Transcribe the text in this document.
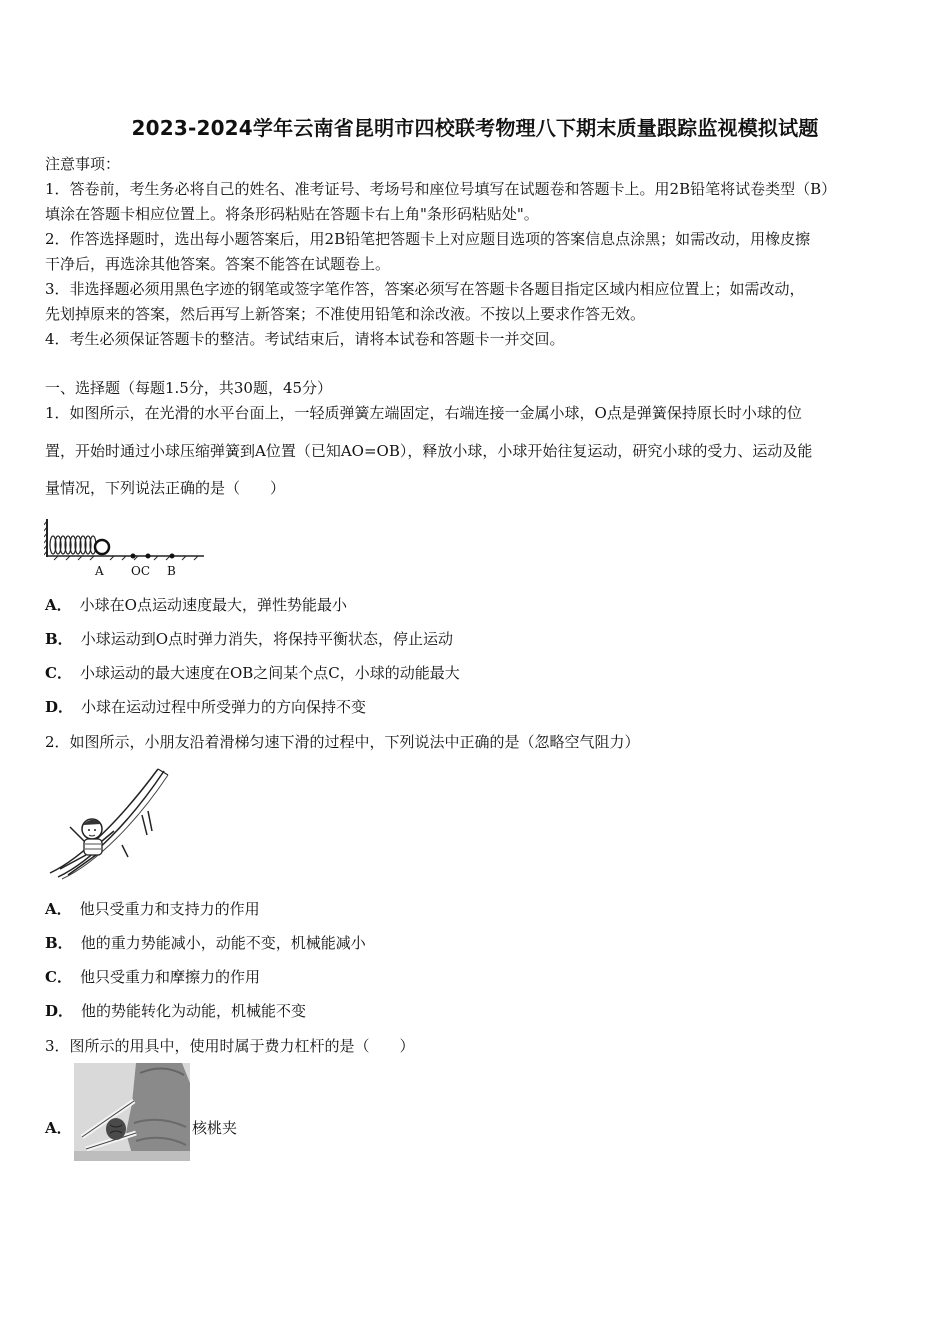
2023-2024学年云南省昆明市四校联考物理八下期末质量跟踪监视模拟试题
注意事项：
1．答卷前，考生务必将自己的姓名、准考证号、考场号和座位号填写在试题卷和答题卡上。用2B铅笔将试卷类型（B）
填涂在答题卡相应位置上。将条形码粘贴在答题卡右上角"条形码粘贴处"。
2．作答选择题时，选出每小题答案后，用2B铅笔把答题卡上对应题目选项的答案信息点涂黑；如需改动，用橡皮擦
干净后，再选涂其他答案。答案不能答在试题卷上。
3．非选择题必须用黑色字迹的钢笔或签字笔作答，答案必须写在答题卡各题目指定区域内相应位置上；如需改动，
先划掉原来的答案，然后再写上新答案；不准使用铅笔和涂改液。不按以上要求作答无效。
4．考生必须保证答题卡的整洁。考试结束后，请将本试卷和答题卡一并交回。
一、选择题（每题1.5分，共30题，45分）
1．如图所示，在光滑的水平台面上，一轻质弹簧左端固定，右端连接一金属小球，O点是弹簧保持原长时小球的位
置，开始时通过小球压缩弹簧到A位置（已知AO=OB），释放小球，小球开始往复运动，研究小球的受力、运动及能
量情况，下列说法正确的是（　　）
A OC B
A． 小球在O点运动速度最大，弹性势能最小
B． 小球运动到O点时弹力消失，将保持平衡状态，停止运动
C． 小球运动的最大速度在OB之间某个点C，小球的动能最大
D． 小球在运动过程中所受弹力的方向保持不变
2．如图所示，小朋友沿着滑梯匀速下滑的过程中，下列说法中正确的是（忽略空气阻力）
A． 他只受重力和支持力的作用
B． 他的重力势能减小，动能不变，机械能减小
C． 他只受重力和摩擦力的作用
D． 他的势能转化为动能，机械能不变
3．图所示的用具中，使用时属于费力杠杆的是（　　）
A．	核桃夹
